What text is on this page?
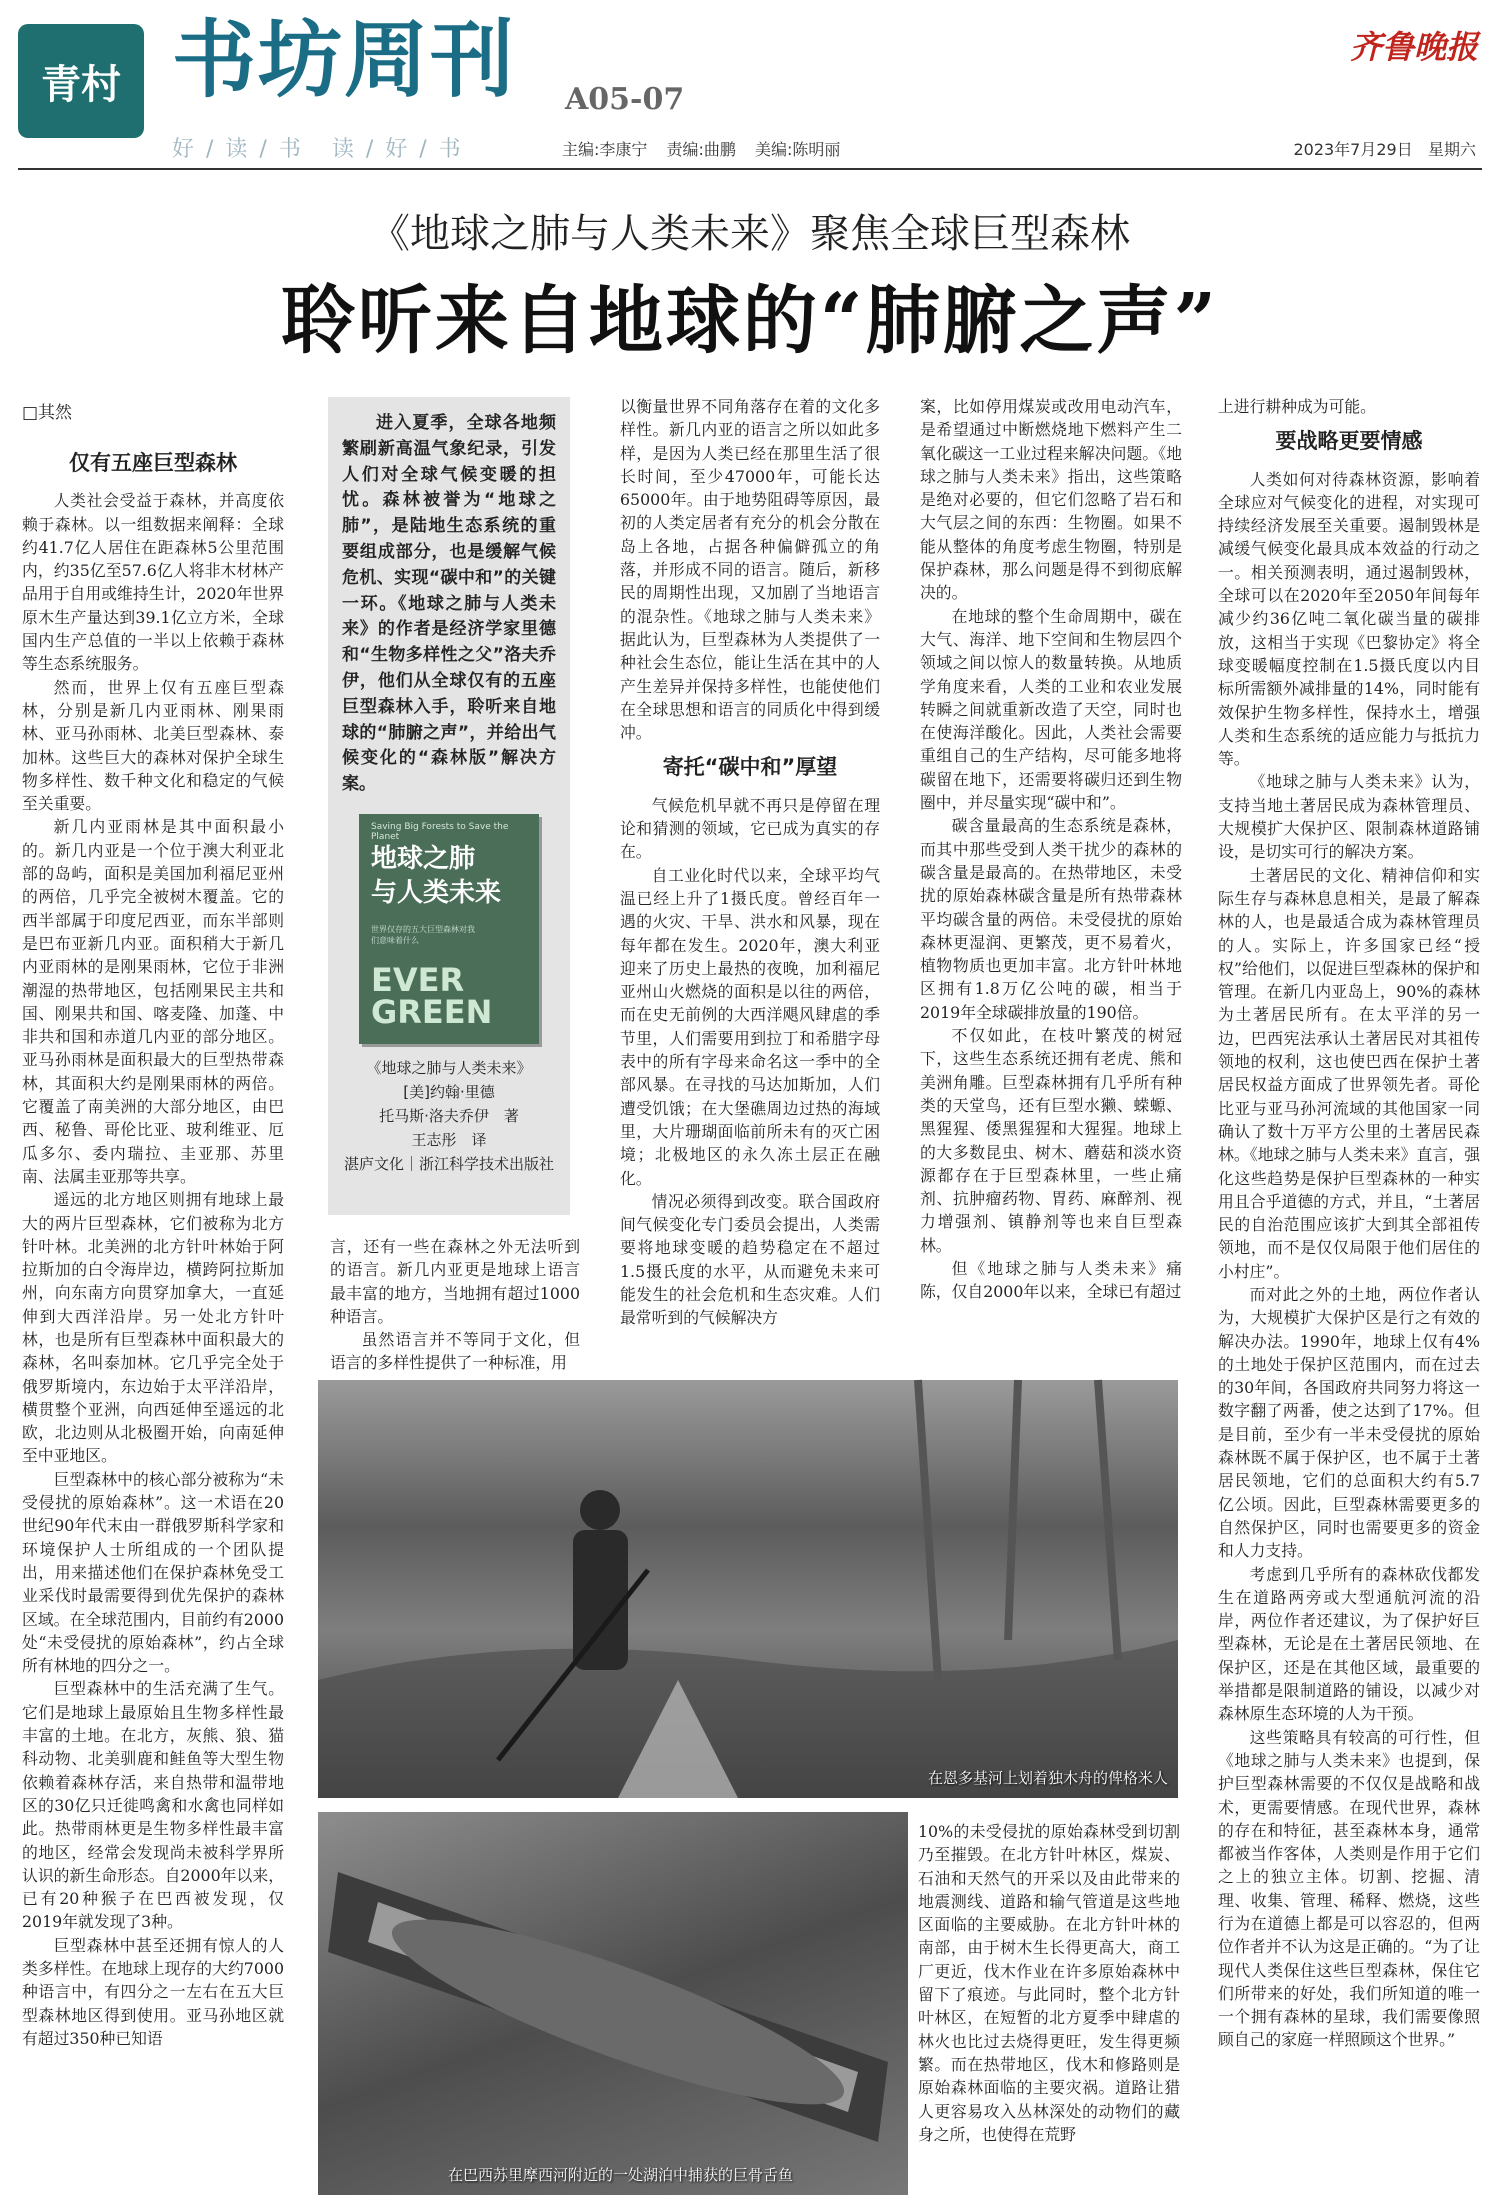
青村 书坊周刊 A05-07
齐鲁晚报
好/读/书 读/好/书	主编:李康宁 责编:曲鹏 美编:陈明丽	2023年7月29日 星期六
《地球之肺与人类未来》聚焦全球巨型森林
聆听来自地球的“肺腑之声”
□其然

仅有五座巨型森林

人类社会受益于森林，并高度依赖于森林。以一组数据来阐释：全球约41.7亿人居住在距森林5公里范围内，约35亿至57.6亿人将非木材林产品用于自用或维持生计，2020年世界原木生产量达到39.1亿立方米，全球国内生产总值的一半以上依赖于森林等生态系统服务。

然而，世界上仅有五座巨型森林，分别是新几内亚雨林、刚果雨林、亚马孙雨林、北美巨型森林、泰加林。这些巨大的森林对保护全球生物多样性、数千种文化和稳定的气候至关重要。

新几内亚雨林是其中面积最小的。新几内亚是一个位于澳大利亚北部的岛屿，面积是美国加利福尼亚州的两倍，几乎完全被树木覆盖。它的西半部属于印度尼西亚，而东半部则是巴布亚新几内亚。面积稍大于新几内亚雨林的是刚果雨林，它位于非洲潮湿的热带地区，包括刚果民主共和国、刚果共和国、喀麦隆、加蓬、中非共和国和赤道几内亚的部分地区。亚马孙雨林是面积最大的巨型热带森林，其面积大约是刚果雨林的两倍。它覆盖了南美洲的大部分地区，由巴西、秘鲁、哥伦比亚、玻利维亚、厄瓜多尔、委内瑞拉、圭亚那、苏里南、法属圭亚那等共享。

遥远的北方地区则拥有地球上最大的两片巨型森林，它们被称为北方针叶林。北美洲的北方针叶林始于阿拉斯加的白令海岸边，横跨阿拉斯加州，向东南方向贯穿加拿大，一直延伸到大西洋沿岸。另一处北方针叶林，也是所有巨型森林中面积最大的森林，名叫泰加林。它几乎完全处于俄罗斯境内，东边始于太平洋沿岸，横贯整个亚洲，向西延伸至遥远的北欧，北边则从北极圈开始，向南延伸至中亚地区。

巨型森林中的核心部分被称为“未受侵扰的原始森林”。这一术语在20世纪90年代末由一群俄罗斯科学家和环境保护人士所组成的一个团队提出，用来描述他们在保护森林免受工业采伐时最需要得到优先保护的森林区域。在全球范围内，目前约有2000处“未受侵扰的原始森林”，约占全球所有林地的四分之一。

巨型森林中的生活充满了生气。它们是地球上最原始且生物多样性最丰富的土地。在北方，灰熊、狼、猫科动物、北美驯鹿和鲑鱼等大型生物依赖着森林存活，来自热带和温带地区的30亿只迁徙鸣禽和水禽也同样如此。热带雨林更是生物多样性最丰富的地区，经常会发现尚未被科学界所认识的新生命形态。自2000年以来，已有20种猴子在巴西被发现，仅2019年就发现了3种。

巨型森林中甚至还拥有惊人的人类多样性。在地球上现存的大约7000种语言中，有四分之一左右在五大巨型森林地区得到使用。亚马孙地区就有超过350种已知语

进入夏季，全球各地频繁刷新高温气象纪录，引发人们对全球气候变暖的担忧。森林被誉为“地球之肺”，是陆地生态系统的重要组成部分，也是缓解气候危机、实现“碳中和”的关键一环。《地球之肺与人类未来》的作者是经济学家里德和“生物多样性之父”洛夫乔伊，他们从全球仅有的五座巨型森林入手，聆听来自地球的“肺腑之声”，并给出气候变化的“森林版”解决方案。
Saving Big Forests to Save the Planet
地球之肺
与人类未来
世界仅存的五大巨型森林对我们意味着什么
EVER GREEN
《地球之肺与人类未来》
[美]约翰·里德
托马斯·洛夫乔伊　著
王志彤　译
湛庐文化｜浙江科学技术出版社

言，还有一些在森林之外无法听到的语言。新几内亚更是地球上语言最丰富的地方，当地拥有超过1000种语言。

虽然语言并不等同于文化，但语言的多样性提供了一种标准，用

以衡量世界不同角落存在着的文化多样性。新几内亚的语言之所以如此多样，是因为人类已经在那里生活了很长时间，至少47000年，可能长达65000年。由于地势阻碍等原因，最初的人类定居者有充分的机会分散在岛上各地，占据各种偏僻孤立的角落，并形成不同的语言。随后，新移民的周期性出现，又加剧了当地语言的混杂性。《地球之肺与人类未来》据此认为，巨型森林为人类提供了一种社会生态位，能让生活在其中的人产生差异并保持多样性，也能使他们在全球思想和语言的同质化中得到缓冲。

寄托“碳中和”厚望

气候危机早就不再只是停留在理论和猜测的领域，它已成为真实的存在。

自工业化时代以来，全球平均气温已经上升了1摄氏度。曾经百年一遇的火灾、干旱、洪水和风暴，现在每年都在发生。2020年，澳大利亚迎来了历史上最热的夜晚，加利福尼亚州山火燃烧的面积是以往的两倍，而在史无前例的大西洋飓风肆虐的季节里，人们需要用到拉丁和希腊字母表中的所有字母来命名这一季中的全部风暴。在寻找的马达加斯加，人们遭受饥饿；在大堡礁周边过热的海域里，大片珊瑚面临前所未有的灭亡困境；北极地区的永久冻土层正在融化。

情况必须得到改变。联合国政府间气候变化专门委员会提出，人类需要将地球变暖的趋势稳定在不超过1.5摄氏度的水平，从而避免未来可能发生的社会危机和生态灾难。人们最常听到的气候解决方

案，比如停用煤炭或改用电动汽车，是希望通过中断燃烧地下燃料产生二氧化碳这一工业过程来解决问题。《地球之肺与人类未来》指出，这些策略是绝对必要的，但它们忽略了岩石和大气层之间的东西：生物圈。如果不能从整体的角度考虑生物圈，特别是保护森林，那么问题是得不到彻底解决的。

在地球的整个生命周期中，碳在大气、海洋、地下空间和生物层四个领域之间以惊人的数量转换。从地质学角度来看，人类的工业和农业发展转瞬之间就重新改造了天空，同时也在使海洋酸化。因此，人类社会需要重组自己的生产结构，尽可能多地将碳留在地下，还需要将碳归还到生物圈中，并尽量实现“碳中和”。

碳含量最高的生态系统是森林，而其中那些受到人类干扰少的森林的碳含量是最高的。在热带地区，未受扰的原始森林碳含量是所有热带森林平均碳含量的两倍。未受侵扰的原始森林更湿润、更繁茂，更不易着火，植物物质也更加丰富。北方针叶林地区拥有1.8万亿公吨的碳，相当于2019年全球碳排放量的190倍。

不仅如此，在枝叶繁茂的树冠下，这些生态系统还拥有老虎、熊和美洲角雕。巨型森林拥有几乎所有种类的天堂鸟，还有巨型水獭、蝾螈、黑猩猩、倭黑猩猩和大猩猩。地球上的大多数昆虫、树木、蘑菇和淡水资源都存在于巨型森林里，一些止痛剂、抗肿瘤药物、胃药、麻醉剂、视力增强剂、镇静剂等也来自巨型森林。

但《地球之肺与人类未来》痛陈，仅自2000年以来，全球已有超过

10%的未受侵扰的原始森林受到切割乃至摧毁。在北方针叶林区，煤炭、石油和天然气的开采以及由此带来的地震测线、道路和输气管道是这些地区面临的主要威胁。在北方针叶林的南部，由于树木生长得更高大，商工厂更近，伐木作业在许多原始森林中留下了痕迹。与此同时，整个北方针叶林区，在短暂的北方夏季中肆虐的林火也比过去烧得更旺，发生得更频繁。而在热带地区，伐木和修路则是原始森林面临的主要灾祸。道路让猎人更容易攻入丛林深处的动物们的藏身之所，也使得在荒野

上进行耕种成为可能。

要战略更要情感

人类如何对待森林资源，影响着全球应对气候变化的进程，对实现可持续经济发展至关重要。遏制毁林是减缓气候变化最具成本效益的行动之一。相关预测表明，通过遏制毁林，全球可以在2020年至2050年间每年减少约36亿吨二氧化碳当量的碳排放，这相当于实现《巴黎协定》将全球变暖幅度控制在1.5摄氏度以内目标所需额外减排量的14%，同时能有效保护生物多样性，保持水土，增强人类和生态系统的适应能力与抵抗力等。

《地球之肺与人类未来》认为，支持当地土著居民成为森林管理员、大规模扩大保护区、限制森林道路铺设，是切实可行的解决方案。

土著居民的文化、精神信仰和实际生存与森林息息相关，是最了解森林的人，也是最适合成为森林管理员的人。实际上，许多国家已经“授权”给他们，以促进巨型森林的保护和管理。在新几内亚岛上，90%的森林为土著居民所有。在太平洋的另一边，巴西宪法承认土著居民对其祖传领地的权利，这也使巴西在保护土著居民权益方面成了世界领先者。哥伦比亚与亚马孙河流域的其他国家一同确认了数十万平方公里的土著居民森林。《地球之肺与人类未来》直言，强化这些趋势是保护巨型森林的一种实用且合乎道德的方式，并且，“土著居民的自治范围应该扩大到其全部祖传领地，而不是仅仅局限于他们居住的小村庄”。

而对此之外的土地，两位作者认为，大规模扩大保护区是行之有效的解决办法。1990年，地球上仅有4%的土地处于保护区范围内，而在过去的30年间，各国政府共同努力将这一数字翻了两番，使之达到了17%。但是目前，至少有一半未受侵扰的原始森林既不属于保护区，也不属于土著居民领地，它们的总面积大约有5.7亿公顷。因此，巨型森林需要更多的自然保护区，同时也需要更多的资金和人力支持。

考虑到几乎所有的森林砍伐都发生在道路两旁或大型通航河流的沿岸，两位作者还建议，为了保护好巨型森林，无论是在土著居民领地、在保护区，还是在其他区域，最重要的举措都是限制道路的铺设，以减少对森林原生态环境的人为干预。

这些策略具有较高的可行性，但《地球之肺与人类未来》也提到，保护巨型森林需要的不仅仅是战略和战术，更需要情感。在现代世界，森林的存在和特征，甚至森林本身，通常都被当作客体，人类则是作用于它们之上的独立主体。切割、挖掘、清理、收集、管理、稀释、燃烧，这些行为在道德上都是可以容忍的，但两位作者并不认为这是正确的。“为了让现代人类保住这些巨型森林，保住它们所带来的好处，我们所知道的唯一一个拥有森林的星球，我们需要像照顾自己的家庭一样照顾这个世界。”

在恩多基河上划着独木舟的俾格米人
在巴西苏里摩西河附近的一处湖泊中捕获的巨骨舌鱼
